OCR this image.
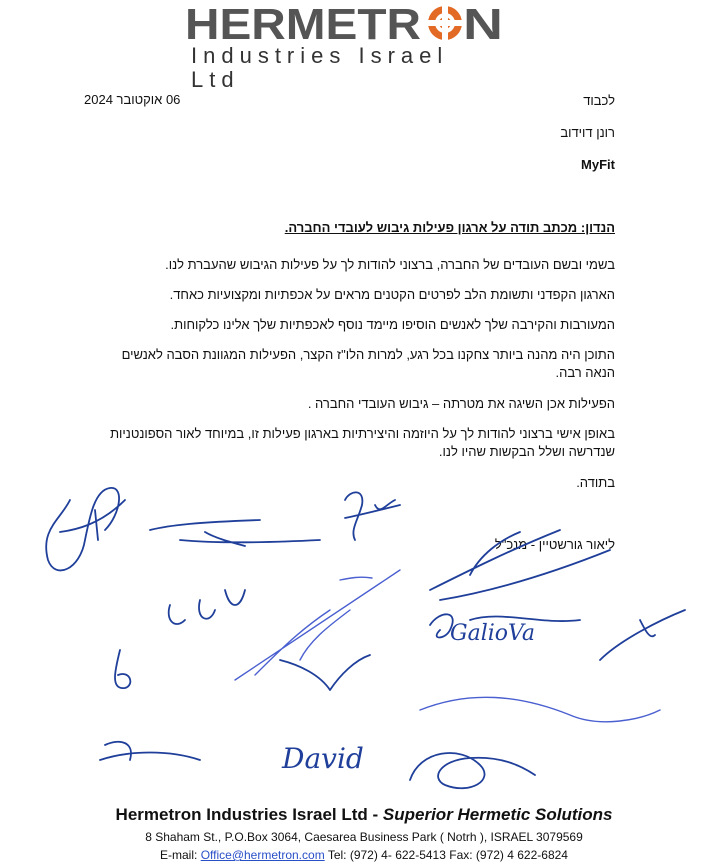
HERMETR N
Industries Israel Ltd
06 אוקטובר 2024	לכבוד
רונן דוידוב
MyFit
הנדון: מכתב תודה על ארגון פעילות גיבוש לעובדי החברה.
בשמי ובשם העובדים של החברה, ברצוני להודות לך על פעילות הגיבוש שהעברת לנו.
הארגון הקפדני ותשומת הלב לפרטים הקטנים מראים על אכפתיות ומקצועיות כאחד.
המעורבות והקירבה שלך לאנשים הוסיפו מיימד נוסף לאכפתיות שלך אלינו כלקוחות.
התוכן היה מהנה ביותר צחקנו בכל רגע, למרות הלו"ז הקצר, הפעילות המגוונת הסבה לאנשים הנאה רבה.
הפעילות אכן השיגה את מטרתה – גיבוש העובדי החברה .
באופן אישי ברצוני להודות לך על היוזמה והיצירתיות בארגון פעילות זו, במיוחד לאור הספונטניות שנדרשה ושלל הבקשות שהיו לנו.
בתודה.
ליאור גורשטיין - מנכ"ל
GalioVa
David
Hermetron Industries Israel Ltd - Superior Hermetic Solutions
8 Shaham St., P.O.Box 3064, Caesarea Business Park ( Notrh ), ISRAEL 3079569
E-mail: Office@hermetron.com Tel: (972) 4- 622-5413 Fax: (972) 4 622-6824
